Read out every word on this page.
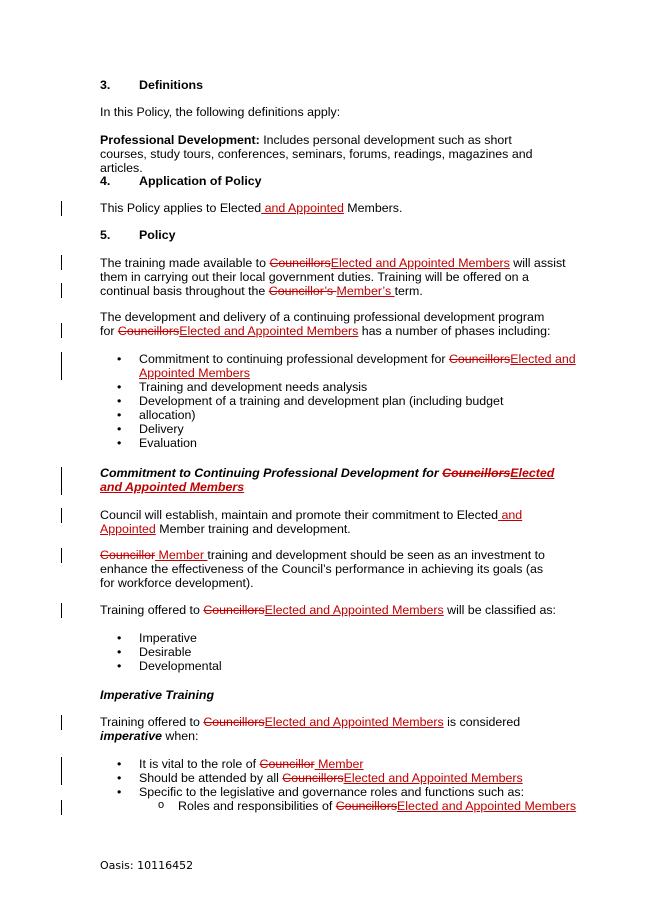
3. Definitions
In this Policy, the following definitions apply:
Professional Development: Includes personal development such as short courses, study tours, conferences, seminars, forums, readings, magazines and articles.
4. Application of Policy
This Policy applies to Elected and Appointed Members.
5. Policy
The training made available to CouncillorsElected and Appointed Members will assist them in carrying out their local government duties. Training will be offered on a continual basis throughout the Councillor’s Member’s term.
The development and delivery of a continuing professional development program for CouncillorsElected and Appointed Members has a number of phases including:
• Commitment to continuing professional development for CouncillorsElected and Appointed Members
• Training and development needs analysis
• Development of a training and development plan (including budget
• allocation)
• Delivery
• Evaluation
Commitment to Continuing Professional Development for CouncillorsElected and Appointed Members
Council will establish, maintain and promote their commitment to Elected and Appointed Member training and development.
Councillor Member training and development should be seen as an investment to enhance the effectiveness of the Council’s performance in achieving its goals (as for workforce development).
Training offered to CouncillorsElected and Appointed Members will be classified as:
• Imperative
• Desirable
• Developmental
Imperative Training
Training offered to CouncillorsElected and Appointed Members is considered imperative when:
• It is vital to the role of Councillor Member
• Should be attended by all CouncillorsElected and Appointed Members
• Specific to the legislative and governance roles and functions such as:
o Roles and responsibilities of CouncillorsElected and Appointed Members
Oasis: 10116452
